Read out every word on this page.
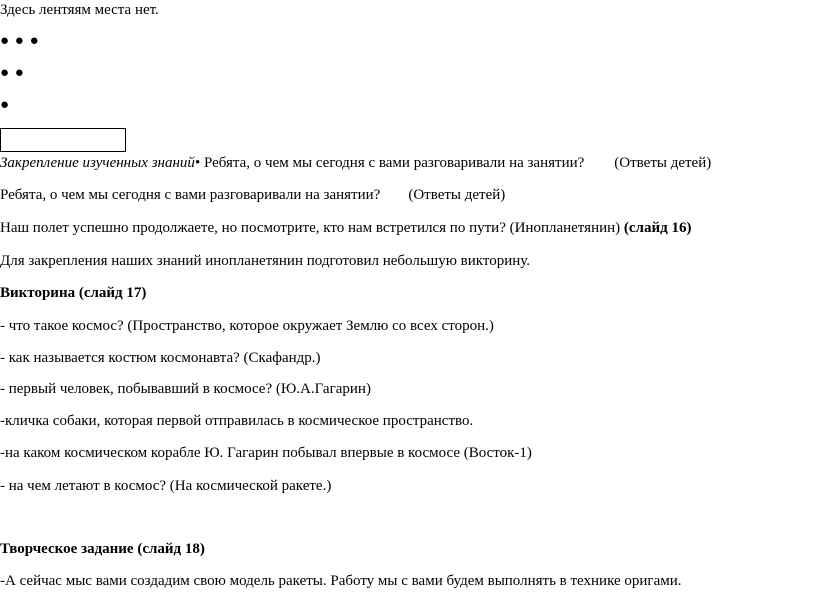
Здесь лентяям места нет.
● ● ●
● ●
●
Закрепление изученных знаний• Ребята, о чем мы сегодня с вами разговаривали на занятии? (Ответы детей)
Ребята, о чем мы сегодня с вами разговаривали на занятии? (Ответы детей)
Наш полет успешно продолжаете, но посмотрите, кто нам встретился по пути? (Инопланетянин) (слайд 16)
Для закрепления наших знаний инопланетянин подготовил небольшую викторину.
Викторина (слайд 17)
- что такое космос? (Пространство, которое окружает Землю со всех сторон.)
- как называется костюм космонавта? (Скафандр.)
- первый человек, побывавший в космосе? (Ю.А.Гагарин)
-кличка собаки, которая первой отправилась в космическое пространство.
-на каком космическом корабле Ю. Гагарин побывал впервые в космосе (Восток-1)
- на чем летают в космос? (На космической ракете.)
Творческое задание (слайд 18)
-А сейчас мыс вами создадим свою модель ракеты. Работу мы с вами будем выполнять в технике оригами.
